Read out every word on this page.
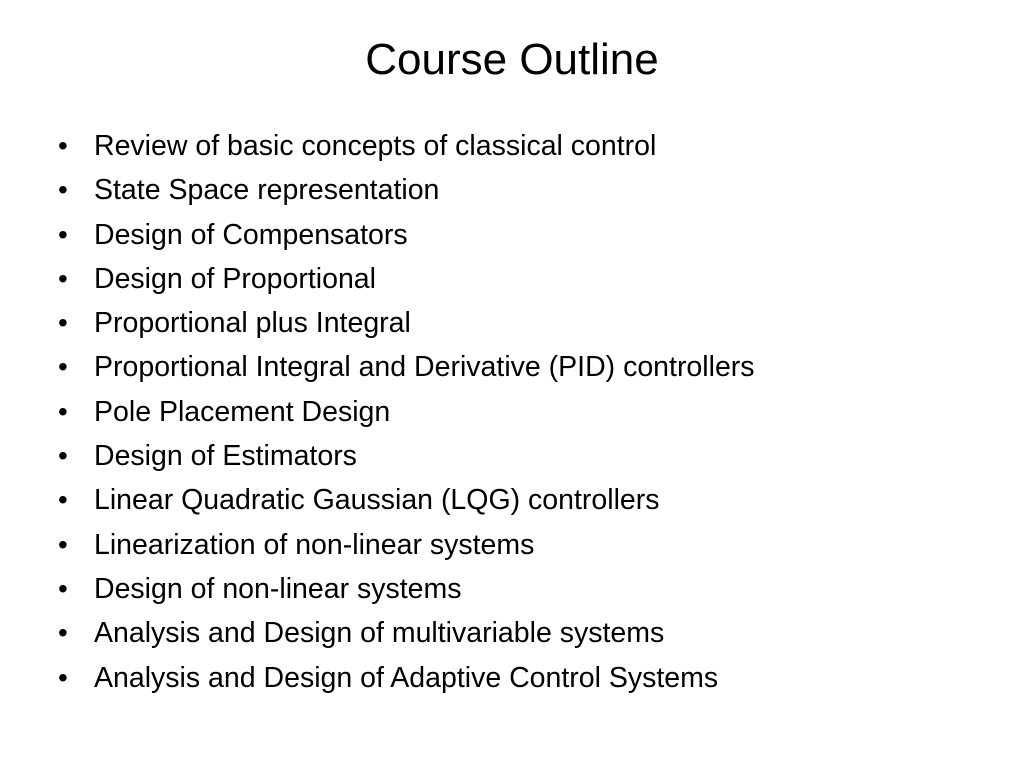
Course Outline
• Review of basic concepts of classical control
• State Space representation
• Design of Compensators
• Design of Proportional
• Proportional plus Integral
• Proportional Integral and Derivative (PID) controllers
• Pole Placement Design
• Design of Estimators
• Linear Quadratic Gaussian (LQG) controllers
• Linearization of non-linear systems
• Design of non-linear systems
• Analysis and Design of multivariable systems
• Analysis and Design of Adaptive Control Systems
